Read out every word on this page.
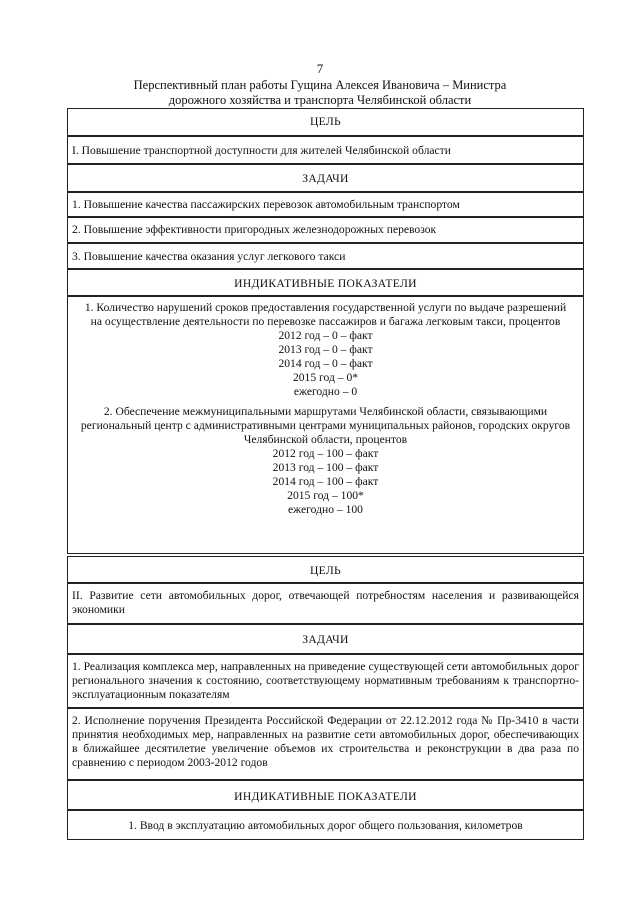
7
Перспективный план работы Гущина Алексея Ивановича – Министра
дорожного хозяйства и транспорта Челябинской области
ЦЕЛЬ
I. Повышение транспортной доступности для жителей Челябинской области
ЗАДАЧИ
1. Повышение качества пассажирских перевозок автомобильным транспортом
2. Повышение эффективности пригородных железнодорожных перевозок
3. Повышение качества оказания услуг легкового такси
ИНДИКАТИВНЫЕ ПОКАЗАТЕЛИ
1. Количество нарушений сроков предоставления государственной услуги по выдаче разрешений на осуществление деятельности по перевозке пассажиров и багажа легковым такси, процентов
2012 год – 0 – факт
2013 год – 0 – факт
2014 год – 0 – факт
2015 год – 0*
ежегодно – 0
2. Обеспечение межмуниципальными маршрутами Челябинской области, связывающими региональный центр с административными центрами муниципальных районов, городских округов Челябинской области, процентов
2012 год – 100 – факт
2013 год – 100 – факт
2014 год – 100 – факт
2015 год – 100*
ежегодно – 100
ЦЕЛЬ
II. Развитие сети автомобильных дорог, отвечающей потребностям населения и развивающейся экономики
ЗАДАЧИ
1. Реализация комплекса мер, направленных на приведение существующей сети автомобильных дорог регионального значения к состоянию, соответствующему нормативным требованиям к транспортно-эксплуатационным показателям
2. Исполнение поручения Президента Российской Федерации от 22.12.2012 года № Пр-3410 в части принятия необходимых мер, направленных на развитие сети автомобильных дорог, обеспечивающих в ближайшее десятилетие увеличение объемов их строительства и реконструкции в два раза по сравнению с периодом 2003-2012 годов
ИНДИКАТИВНЫЕ ПОКАЗАТЕЛИ
1. Ввод в эксплуатацию автомобильных дорог общего пользования, километров
